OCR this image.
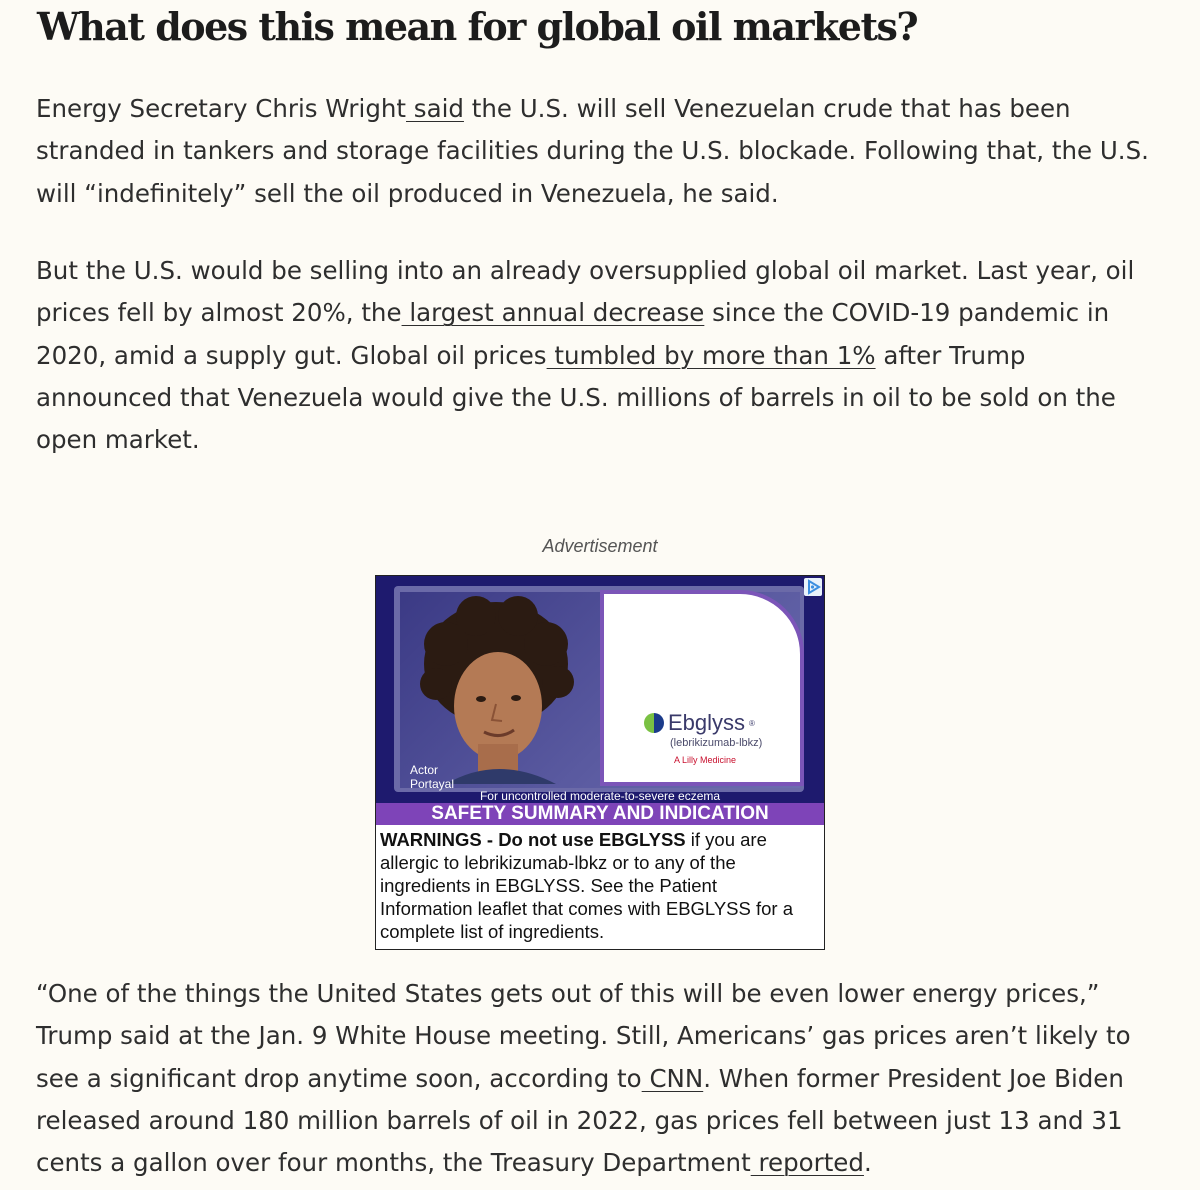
What does this mean for global oil markets?

Energy Secretary Chris Wright said the U.S. will sell Venezuelan crude that has been stranded in tankers and storage facilities during the U.S. blockade. Following that, the U.S. will “indefinitely” sell the oil produced in Venezuela, he said.

But the U.S. would be selling into an already oversupplied global oil market. Last year, oil prices fell by almost 20%, the largest annual decrease since the COVID-19 pandemic in 2020, amid a supply gut. Global oil prices tumbled by more than 1% after Trump announced that Venezuela would give the U.S. millions of barrels in oil to be sold on the open market.

Advertisement
Ebglyss ®
(lebrikizumab-lbkz)
A Lilly Medicine
Actor
Portayal
For uncontrolled moderate-to-severe eczema
SAFETY SUMMARY AND INDICATION
WARNINGS - Do not use EBGLYSS if you are allergic to lebrikizumab-lbkz or to any of the ingredients in EBGLYSS. See the Patient Information leaflet that comes with EBGLYSS for a complete list of ingredients.

“One of the things the United States gets out of this will be even lower energy prices,” Trump said at the Jan. 9 White House meeting. Still, Americans’ gas prices aren’t likely to see a significant drop anytime soon, according to CNN. When former President Joe Biden released around 180 million barrels of oil in 2022, gas prices fell between just 13 and 31 cents a gallon over four months, the Treasury Department reported.
